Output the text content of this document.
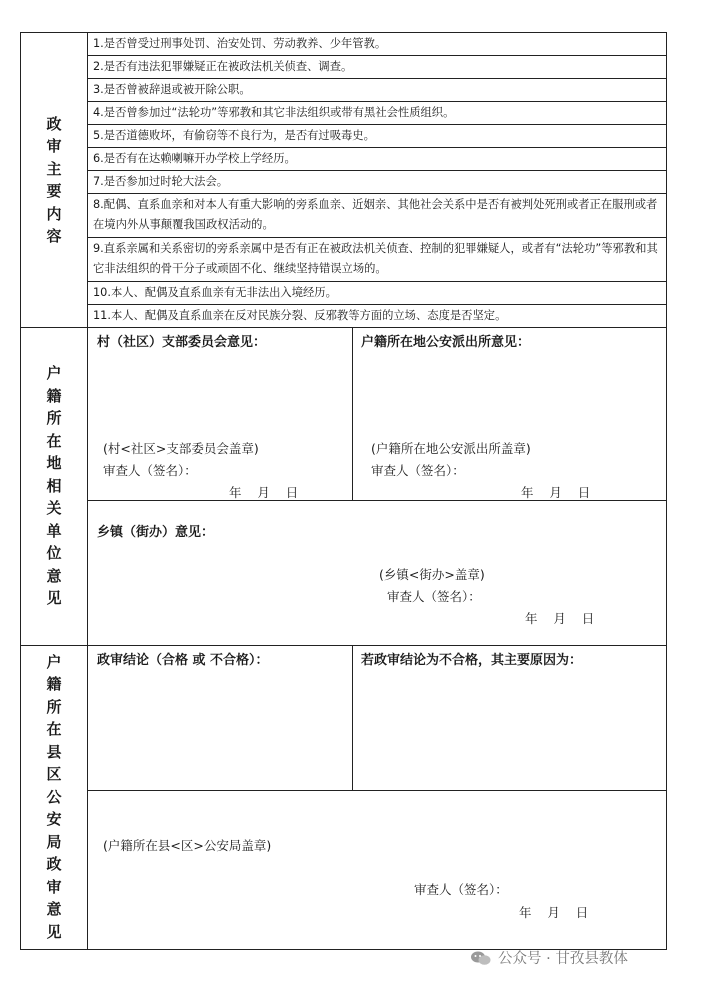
政审主要内容
1.是否曾受过刑事处罚、治安处罚、劳动教养、少年管教。
2.是否有违法犯罪嫌疑正在被政法机关侦查、调查。
3.是否曾被辞退或被开除公职。
4.是否曾参加过“法轮功”等邪教和其它非法组织或带有黑社会性质组织。
5.是否道德败坏，有偷窃等不良行为，是否有过吸毒史。
6.是否有在达赖喇嘛开办学校上学经历。
7.是否参加过时轮大法会。
8.配偶、直系血亲和对本人有重大影响的旁系血亲、近姻亲、其他社会关系中是否有被判处死刑或者正在服刑或者在境内外从事颠覆我国政权活动的。
9.直系亲属和关系密切的旁系亲属中是否有正在被政法机关侦查、控制的犯罪嫌疑人，或者有“法轮功”等邪教和其它非法组织的骨干分子或顽固不化、继续坚持错误立场的。
10.本人、配偶及直系血亲有无非法出入境经历。
11.本人、配偶及直系血亲在反对民族分裂、反邪教等方面的立场、态度是否坚定。
户籍所在地相关单位意见
村（社区）支部委员会意见：
(村<社区>支部委员会盖章)
审查人（签名）：
年    月    日
户籍所在地公安派出所意见：
(户籍所在地公安派出所盖章)
审查人（签名）：
年    月    日
乡镇（街办）意见：
(乡镇<街办>盖章)
审查人（签名）：
年    月    日
户籍所在县区公安局政审意见
政审结论（合格 或 不合格）：	若政审结论为不合格，其主要原因为：
(户籍所在县<区>公安局盖章)
审查人（签名）：
年    月    日
公众号 · 甘孜县教体
